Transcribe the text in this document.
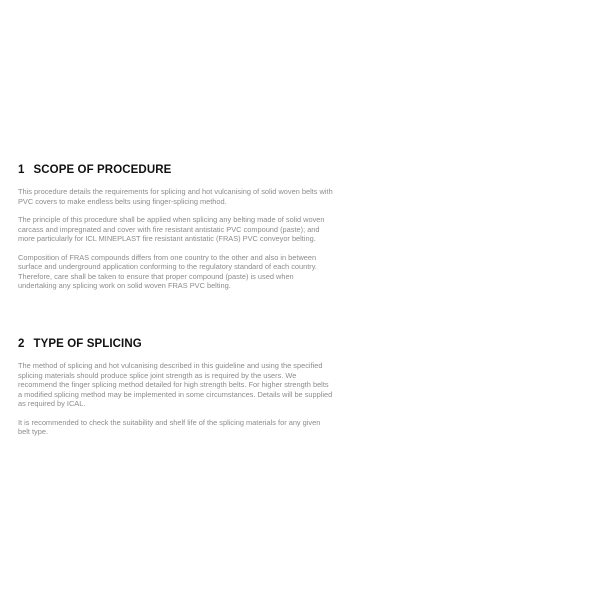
1 SCOPE OF PROCEDURE

This procedure details the requirements for splicing and hot vulcanising of solid woven belts with PVC covers to make endless belts using finger-splicing method.

The principle of this procedure shall be applied when splicing any belting made of solid woven carcass and impregnated and cover with fire resistant antistatic PVC compound (paste); and more particularly for ICL MINEPLAST fire resistant antistatic (FRAS) PVC conveyor belting.

Composition of FRAS compounds differs from one country to the other and also in between surface and underground application conforming to the regulatory standard of each country. Therefore, care shall be taken to ensure that proper compound (paste) is used when undertaking any splicing work on solid woven FRAS PVC belting.

2 TYPE OF SPLICING

The method of splicing and hot vulcanising described in this guideline and using the specified splicing materials should produce splice joint strength as is required by the users. We recommend the finger splicing method detailed for high strength belts. For higher strength belts a modified splicing method may be implemented in some circumstances. Details will be supplied as required by ICAL.

It is recommended to check the suitability and shelf life of the splicing materials for any given belt type.
